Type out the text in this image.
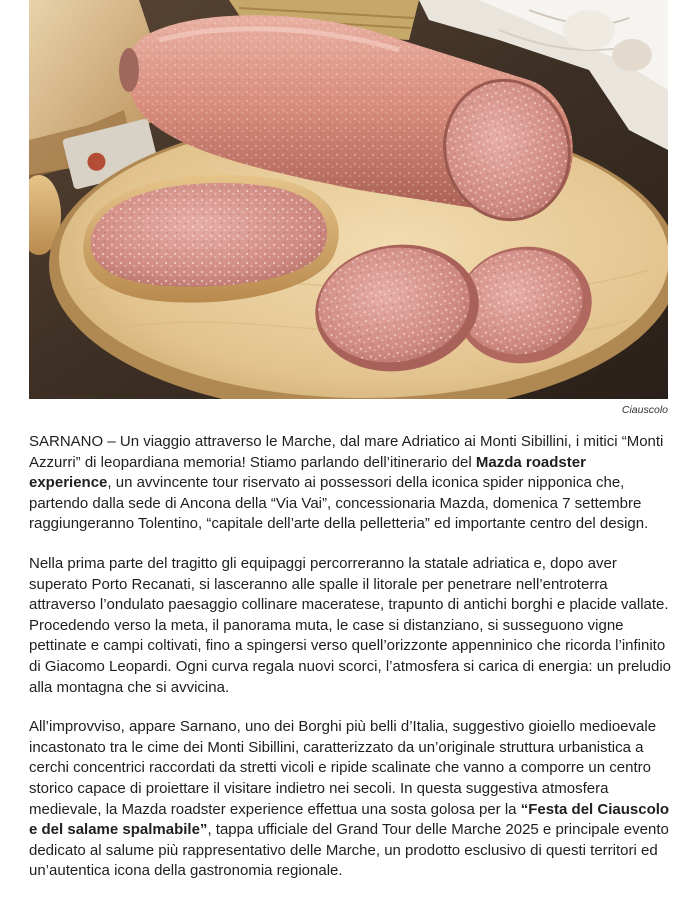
Ciauscolo

SARNANO – Un viaggio attraverso le Marche, dal mare Adriatico ai Monti Sibillini, i mitici “Monti Azzurri” di leopardiana memoria! Stiamo parlando dell’itinerario del Mazda roadster experience, un avvincente tour riservato ai possessori della iconica spider nipponica che, partendo dalla sede di Ancona della “Via Vai”, concessionaria Mazda, domenica 7 settembre raggiungeranno Tolentino, “capitale dell’arte della pelletteria” ed importante centro del design.

Nella prima parte del tragitto gli equipaggi percorreranno la statale adriatica e, dopo aver superato Porto Recanati, si lasceranno alle spalle il litorale per penetrare nell’entroterra attraverso l’ondulato paesaggio collinare maceratese, trapunto di antichi borghi e placide vallate. Procedendo verso la meta, il panorama muta, le case si distanziano, si susseguono vigne pettinate e campi coltivati, fino a spingersi verso quell’orizzonte appenninico che ricorda l’infinito di Giacomo Leopardi. Ogni curva regala nuovi scorci, l’atmosfera si carica di energia: un preludio alla montagna che si avvicina.

All’improvviso, appare Sarnano, uno dei Borghi più belli d’Italia, suggestivo gioiello medioevale incastonato tra le cime dei Monti Sibillini, caratterizzato da un’originale struttura urbanistica a cerchi concentrici raccordati da stretti vicoli e ripide scalinate che vanno a comporre un centro storico capace di proiettare il visitare indietro nei secoli. In questa suggestiva atmosfera medievale, la Mazda roadster experience effettua una sosta golosa per la “Festa del Ciauscolo e del salame spalmabile”, tappa ufficiale del Grand Tour delle Marche 2025 e principale evento dedicato al salume più rappresentativo delle Marche, un prodotto esclusivo di questi territori ed un’autentica icona della gastronomia regionale.
